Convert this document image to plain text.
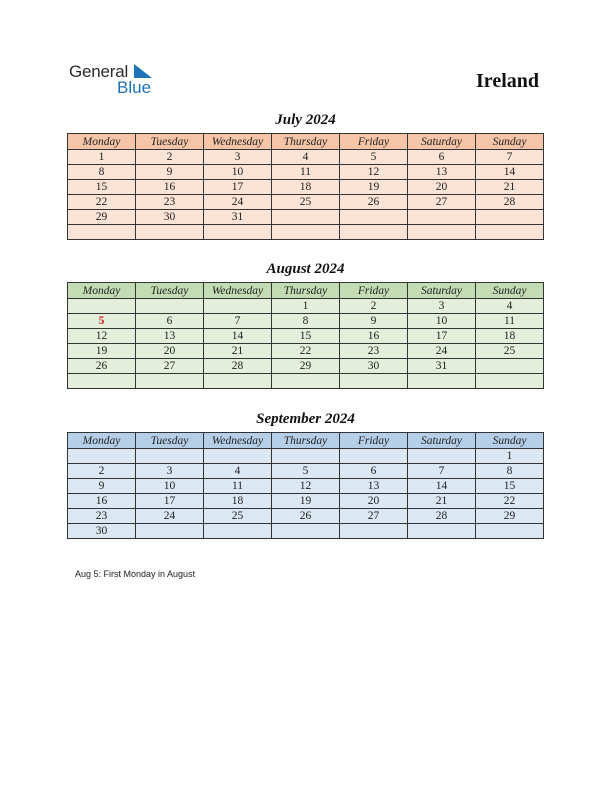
General
Blue	Ireland
July 2024
Monday	Tuesday	Wednesday	Thursday	Friday	Saturday	Sunday
1	2	3	4	5	6	7
8	9	10	11	12	13	14
15	16	17	18	19	20	21
22	23	24	25	26	27	28
29	30	31				

August 2024
Monday	Tuesday	Wednesday	Thursday	Friday	Saturday	Sunday
			1	2	3	4
5	6	7	8	9	10	11
12	13	14	15	16	17	18
19	20	21	22	23	24	25
26	27	28	29	30	31	

September 2024
Monday	Tuesday	Wednesday	Thursday	Friday	Saturday	Sunday
						1
2	3	4	5	6	7	8
9	10	11	12	13	14	15
16	17	18	19	20	21	22
23	24	25	26	27	28	29
30						
Aug 5: First Monday in August
